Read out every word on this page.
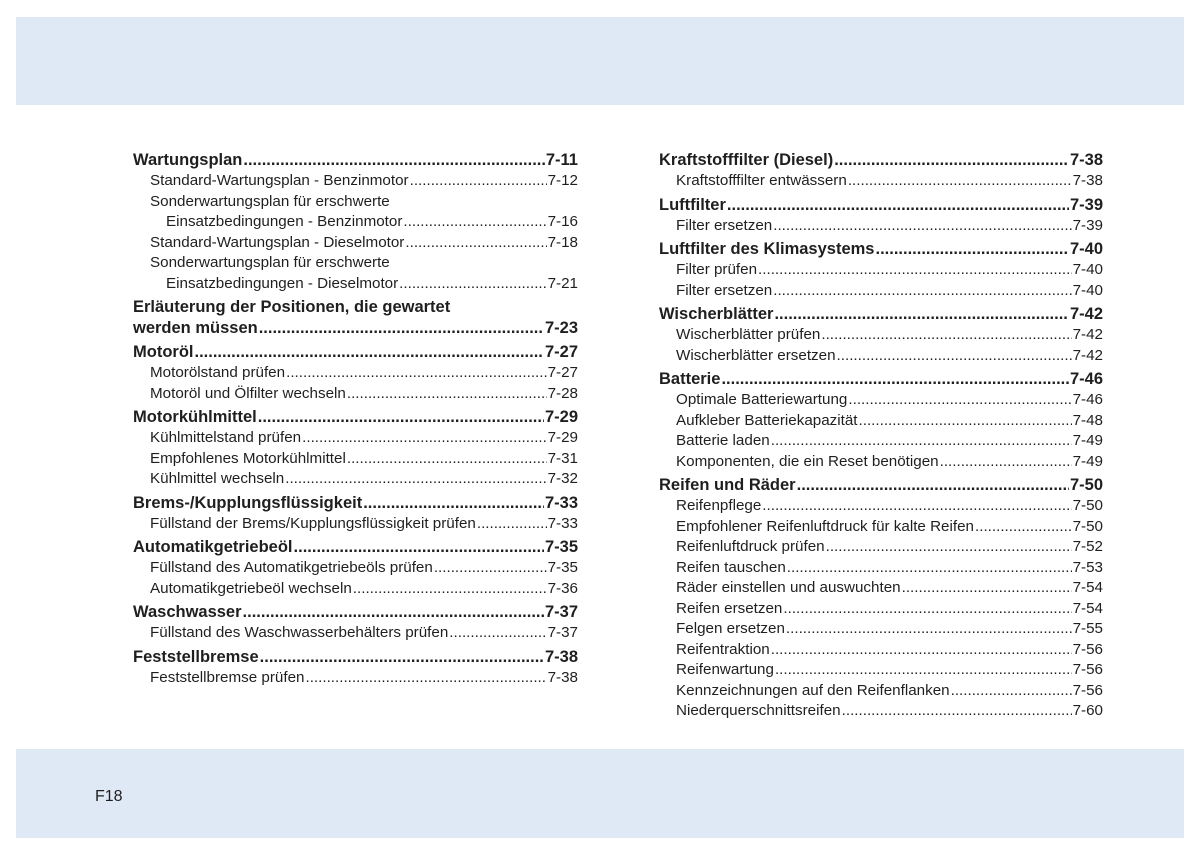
Wartungsplan .....	7-11
Standard-Wartungsplan - Benzinmotor .....	7-12
Sonderwartungsplan für erschwerte
Einsatzbedingungen - Benzinmotor .....	7-16
Standard-Wartungsplan - Dieselmotor .....	7-18
Sonderwartungsplan für erschwerte
Einsatzbedingungen - Dieselmotor .....	7-21
Erläuterung der Positionen, die gewartet
werden müssen .....	7-23
Motoröl .....	7-27
Motorölstand prüfen .....	7-27
Motoröl und Ölfilter wechseln .....	7-28
Motorkühlmittel .....	7-29
Kühlmittelstand prüfen .....	7-29
Empfohlenes Motorkühlmittel .....	7-31
Kühlmittel wechseln .....	7-32
Brems-/Kupplungsflüssigkeit .....	7-33
Füllstand der Brems/Kupplungsflüssigkeit prüfen .....	7-33
Automatikgetriebeöl .....	7-35
Füllstand des Automatikgetriebeöls prüfen .....	7-35
Automatikgetriebeöl wechseln .....	7-36
Waschwasser .....	7-37
Füllstand des Waschwasserbehälters prüfen .....	7-37
Feststellbremse .....	7-38
Feststellbremse prüfen .....	7-38
Kraftstofffilter (Diesel) .....	7-38
Kraftstofffilter entwässern .....	7-38
Luftfilter .....	7-39
Filter ersetzen .....	7-39
Luftfilter des Klimasystems .....	7-40
Filter prüfen .....	7-40
Filter ersetzen .....	7-40
Wischerblätter .....	7-42
Wischerblätter prüfen .....	7-42
Wischerblätter ersetzen .....	7-42
Batterie .....	7-46
Optimale Batteriewartung .....	7-46
Aufkleber Batteriekapazität .....	7-48
Batterie laden .....	7-49
Komponenten, die ein Reset benötigen .....	7-49
Reifen und Räder .....	7-50
Reifenpflege .....	7-50
Empfohlener Reifenluftdruck für kalte Reifen .....	7-50
Reifenluftdruck prüfen .....	7-52
Reifen tauschen .....	7-53
Räder einstellen und auswuchten .....	7-54
Reifen ersetzen .....	7-54
Felgen ersetzen .....	7-55
Reifentraktion .....	7-56
Reifenwartung .....	7-56
Kennzeichnungen auf den Reifenflanken .....	7-56
Niederquerschnittsreifen .....	7-60
F18
